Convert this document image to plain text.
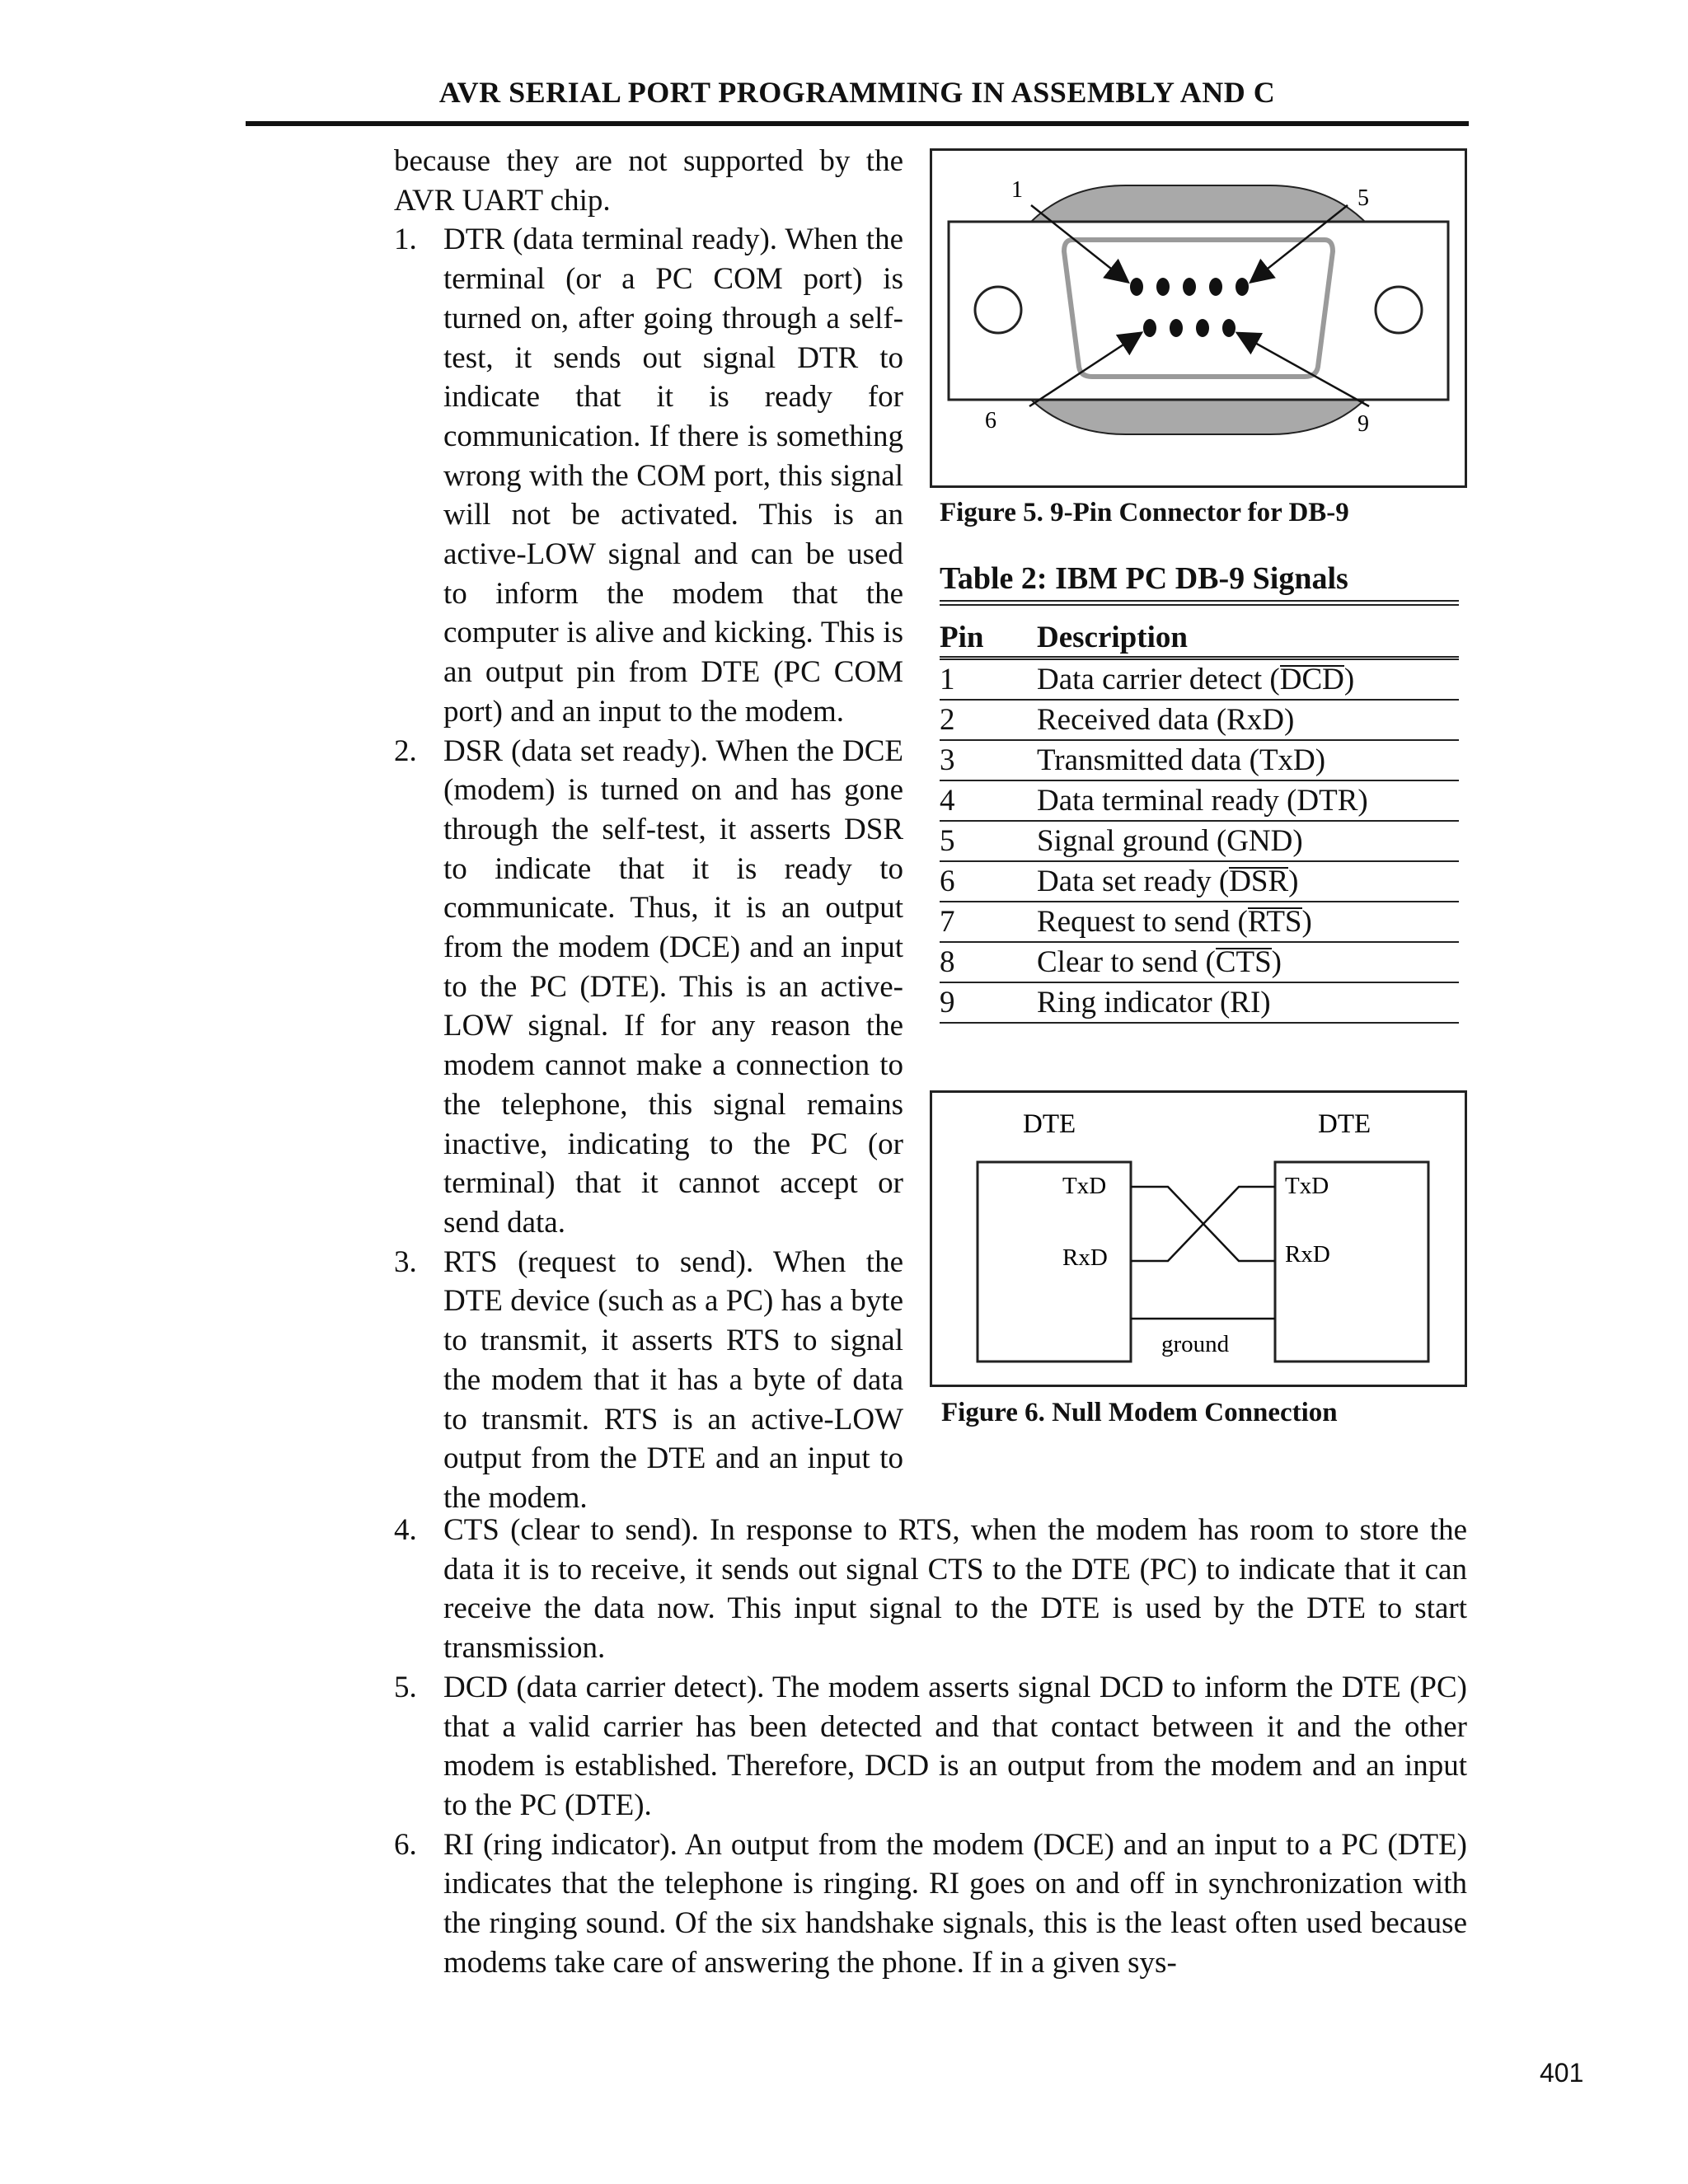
AVR SERIAL PORT PROGRAMMING IN ASSEMBLY AND C

because they are not supported by the AVR UART chip.

1. DTR (data terminal ready). When the terminal (or a PC COM port) is turned on, after going through a self-test, it sends out signal DTR to indicate that it is ready for communication. If there is something wrong with the COM port, this signal will not be activated. This is an active-LOW signal and can be used to inform the modem that the computer is alive and kicking. This is an output pin from DTE (PC COM port) and an input to the modem.
2. DSR (data set ready). When the DCE (modem) is turned on and has gone through the self-test, it asserts DSR to indicate that it is ready to communicate. Thus, it is an output from the modem (DCE) and an input to the PC (DTE). This is an active-LOW signal. If for any reason the modem cannot make a connection to the telephone, this signal remains inactive, indicating to the PC (or terminal) that it cannot accept or send data.
3. RTS (request to send). When the DTE device (such as a PC) has a byte to transmit, it asserts RTS to signal the modem that it has a byte of data to transmit. RTS is an active-LOW output from the DTE and an input to the modem.
4. CTS (clear to send). In response to RTS, when the modem has room to store the data it is to receive, it sends out signal CTS to the DTE (PC) to indicate that it can receive the data now. This input signal to the DTE is used by the DTE to start transmission.
5. DCD (data carrier detect). The modem asserts signal DCD to inform the DTE (PC) that a valid carrier has been detected and that contact between it and the other modem is established. Therefore, DCD is an output from the modem and an input to the PC (DTE).
6. RI (ring indicator). An output from the modem (DCE) and an input to a PC (DTE) indicates that the telephone is ringing. RI goes on and off in synchronization with the ringing sound. Of the six handshake signals, this is the least often used because modems take care of answering the phone. If in a given sys-
1	5
6	9
Figure 5. 9-Pin Connector for DB-9
Table 2: IBM PC DB-9 Signals
Pin	Description
1	Data carrier detect (DCD)
2	Received data (RxD)
3	Transmitted data (TxD)
4	Data terminal ready (DTR)
5	Signal ground (GND)
6	Data set ready (DSR)
7	Request to send (RTS)
8	Clear to send (CTS)
9	Ring indicator (RI)
DTE	DTE
TxD
RxD
TxD
RxD
ground
Figure 6. Null Modem Connection
401
